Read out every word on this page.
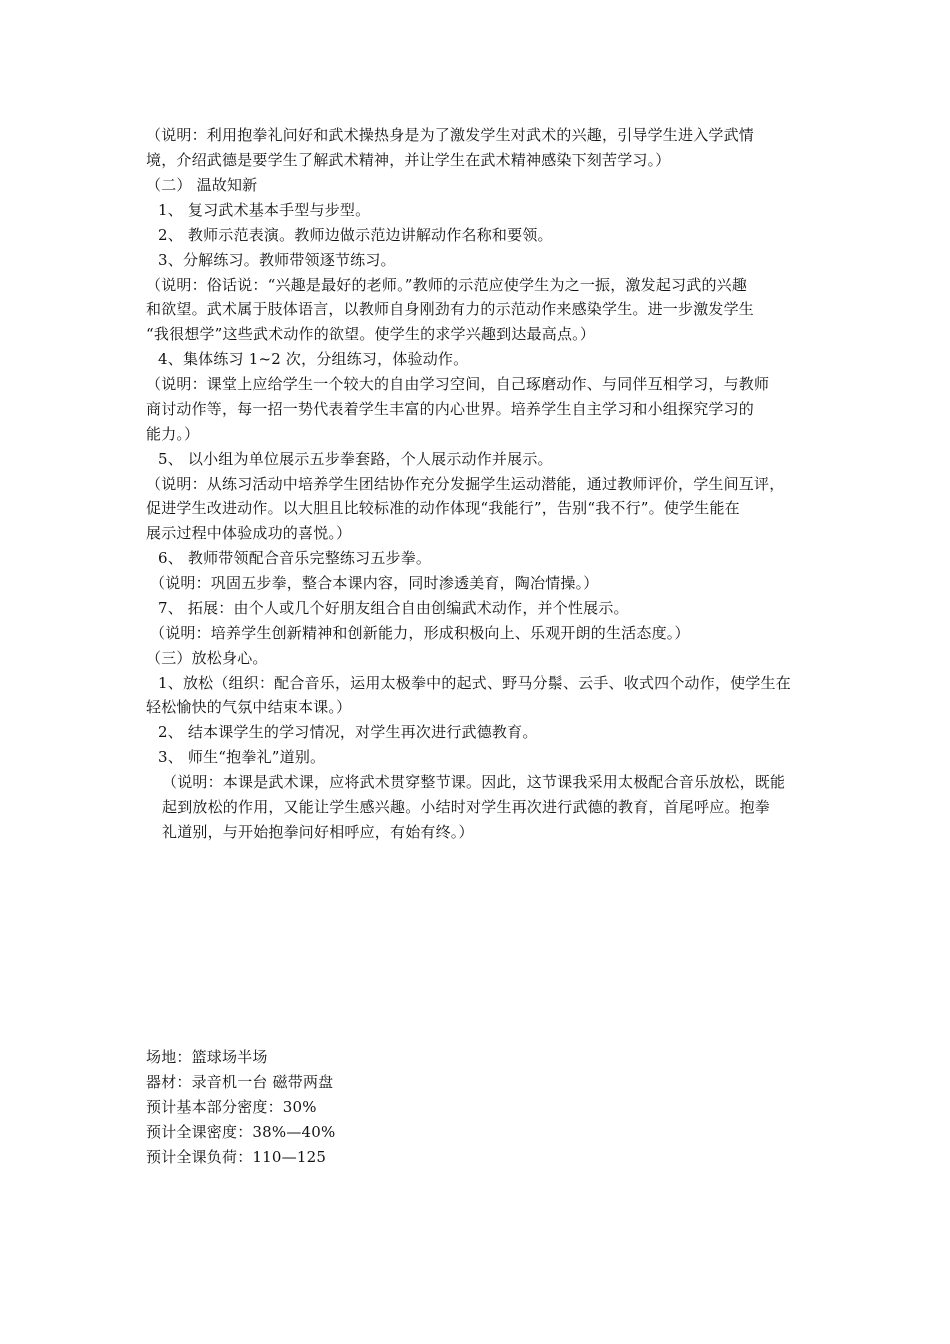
（说明：利用抱拳礼问好和武术操热身是为了激发学生对武术的兴趣，引导学生进入学武情
境，介绍武德是要学生了解武术精神，并让学生在武术精神感染下刻苦学习。）
（二） 温故知新
1、 复习武术基本手型与步型。
2、 教师示范表演。教师边做示范边讲解动作名称和要领。
3、分解练习。教师带领逐节练习。
（说明：俗话说：“兴趣是最好的老师。”教师的示范应使学生为之一振，激发起习武的兴趣
和欲望。武术属于肢体语言，以教师自身刚劲有力的示范动作来感染学生。进一步激发学生
“我很想学”这些武术动作的欲望。使学生的求学兴趣到达最高点。）
4、集体练习 1~2 次，分组练习，体验动作。
（说明：课堂上应给学生一个较大的自由学习空间，自己琢磨动作、与同伴互相学习，与教师
商讨动作等，每一招一势代表着学生丰富的内心世界。培养学生自主学习和小组探究学习的
能力。）
5、 以小组为单位展示五步拳套路，个人展示动作并展示。
（说明：从练习活动中培养学生团结协作充分发掘学生运动潜能，通过教师评价，学生间互评，
促进学生改进动作。以大胆且比较标准的动作体现“我能行”，告别“我不行”。使学生能在
展示过程中体验成功的喜悦。）
6、 教师带领配合音乐完整练习五步拳。
（说明：巩固五步拳，整合本课内容，同时渗透美育，陶冶情操。）
7、 拓展：由个人或几个好朋友组合自由创编武术动作，并个性展示。
（说明：培养学生创新精神和创新能力，形成积极向上、乐观开朗的生活态度。）
（三）放松身心。
1、放松（组织：配合音乐，运用太极拳中的起式、野马分鬃、云手、收式四个动作，使学生在
轻松愉快的气氛中结束本课。）
2、 结本课学生的学习情况，对学生再次进行武德教育。
3、 师生“抱拳礼”道别。
（说明：本课是武术课，应将武术贯穿整节课。因此，这节课我采用太极配合音乐放松，既能
起到放松的作用，又能让学生感兴趣。小结时对学生再次进行武德的教育，首尾呼应。抱拳
礼道别，与开始抱拳问好相呼应，有始有终。）
场地：篮球场半场
器材：录音机一台 磁带两盘
预计基本部分密度：30%
预计全课密度：38%—40%
预计全课负荷：110—125
